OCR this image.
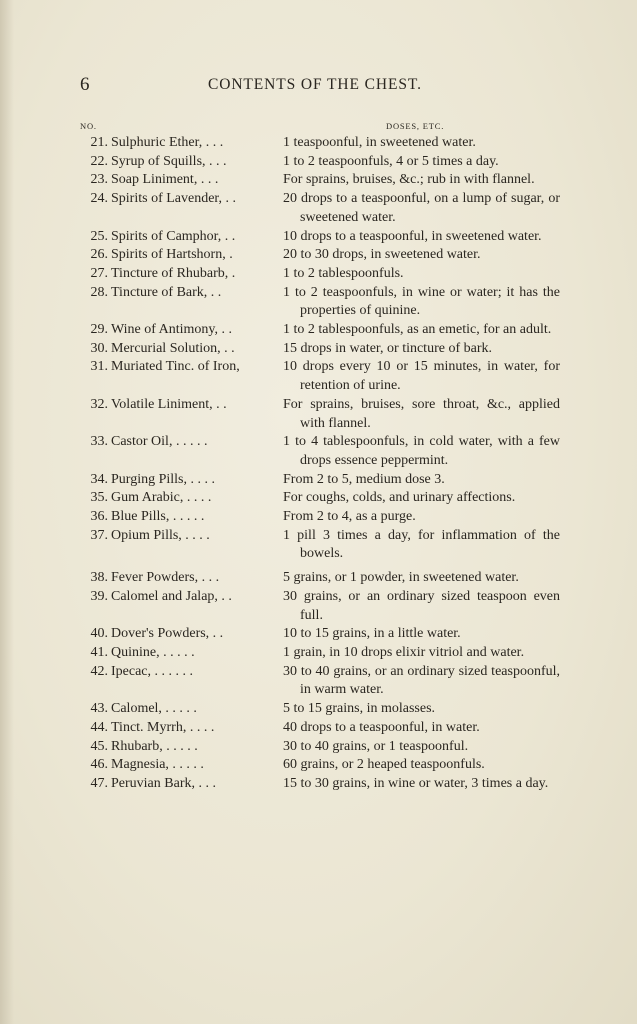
6	CONTENTS OF THE CHEST.
NO.	DOSES, ETC.
21. Sulphuric Ether, . . .	1 teaspoonful, in sweetened water.
22. Syrup of Squills, . . .	1 to 2 teaspoonfuls, 4 or 5 times a day.
23. Soap Liniment, . . .	For sprains, bruises, &c.; rub in with flannel.
24. Spirits of Lavender, . .	20 drops to a teaspoonful, on a lump of sugar, or sweetened water.
25. Spirits of Camphor, . .	10 drops to a teaspoonful, in sweetened water.
26. Spirits of Hartshorn, .	20 to 30 drops, in sweetened water.
27. Tincture of Rhubarb, .	1 to 2 tablespoonfuls.
28. Tincture of Bark, . .	1 to 2 teaspoonfuls, in wine or water; it has the properties of quinine.
29. Wine of Antimony, . .	1 to 2 tablespoonfuls, as an emetic, for an adult.
30. Mercurial Solution, . .	15 drops in water, or tincture of bark.
31. Muriated Tinc. of Iron,	10 drops every 10 or 15 minutes, in water, for retention of urine.
32. Volatile Liniment, . .	For sprains, bruises, sore throat, &c., applied with flannel.
33. Castor Oil, . . . . .	1 to 4 tablespoonfuls, in cold water, with a few drops essence peppermint.
34. Purging Pills, . . . .	From 2 to 5, medium dose 3.
35. Gum Arabic, . . . .	For coughs, colds, and urinary affections.
36. Blue Pills, . . . . .	From 2 to 4, as a purge.
37. Opium Pills, . . . .	1 pill 3 times a day, for inflammation of the bowels.
38. Fever Powders, . . .	5 grains, or 1 powder, in sweetened water.
39. Calomel and Jalap, . .	30 grains, or an ordinary sized teaspoon even full.
40. Dover's Powders, . .	10 to 15 grains, in a little water.
41. Quinine, . . . . .	1 grain, in 10 drops elixir vitriol and water.
42. Ipecac, . . . . . .	30 to 40 grains, or an ordinary sized teaspoonful, in warm water.
43. Calomel, . . . . .	5 to 15 grains, in molasses.
44. Tinct. Myrrh, . . . .	40 drops to a teaspoonful, in water.
45. Rhubarb, . . . . .	30 to 40 grains, or 1 teaspoonful.
46. Magnesia, . . . . .	60 grains, or 2 heaped teaspoonfuls.
47. Peruvian Bark, . . .	15 to 30 grains, in wine or water, 3 times a day.
